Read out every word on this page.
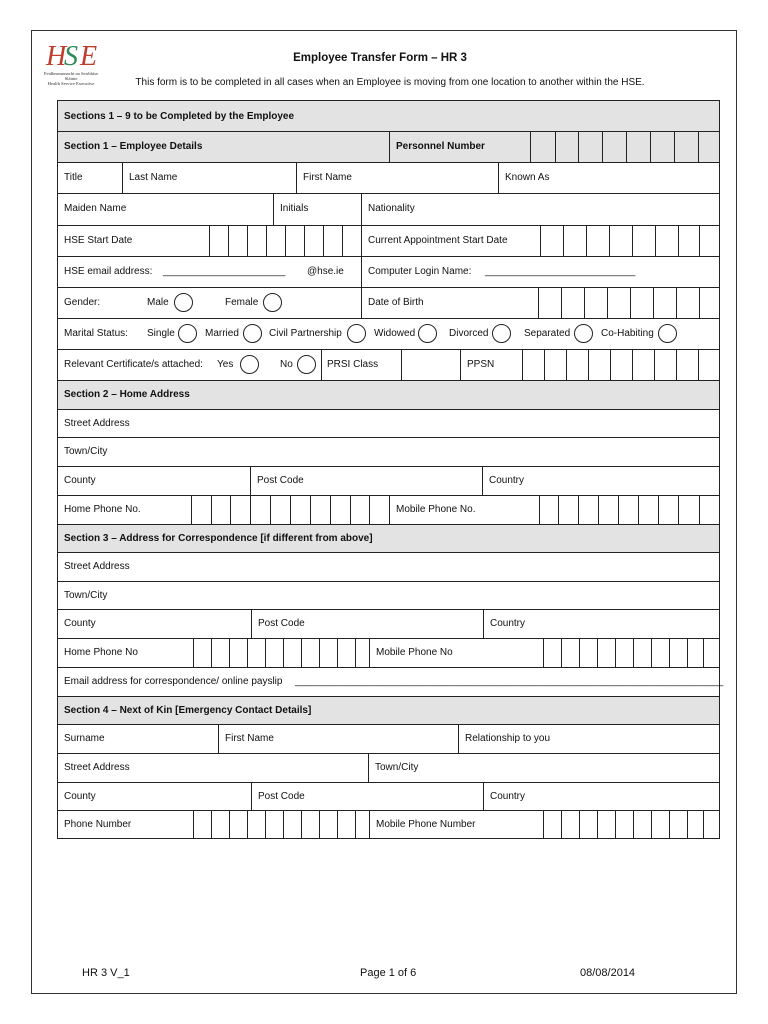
H
S E
Feidhmeannacht na Seirbhíse Sláinte
Health Service Executive
Employee Transfer Form – HR 3
This form is to be completed in all cases when an Employee is moving from one location to another within the HSE.
Sections 1 – 9 to be Completed by the Employee
Section 1 – Employee Details	Personnel Number
Title	Last Name	First Name	Known As
Maiden Name	Initials	Nationality
HSE Start Date	Current Appointment Start Date
HSE email address: ______________________ @hse.ie Computer Login Name: ___________________________
Gender:	Male	Female	Date of Birth
Marital Status: Single	Married	Civil Partnership	Widowed	Divorced	Separated	Co-Habiting
Relevant Certificate/s attached: Yes	No	PRSI Class	PPSN
Section 2 – Home Address
Street Address
Town/City
County	Post Code	Country
Home Phone No.	Mobile Phone No.
Section 3 – Address for Correspondence [if different from above]
Street Address
Town/City
County	Post Code	Country
Home Phone No	Mobile Phone No
Email address for correspondence/ online payslip _____________________________________________________________________________
Section 4 – Next of Kin [Emergency Contact Details]
Surname	First Name	Relationship to you
Street Address	Town/City
County	Post Code	Country
Phone Number	Mobile Phone Number
HR 3 V_1	Page 1 of 6	08/08/2014
